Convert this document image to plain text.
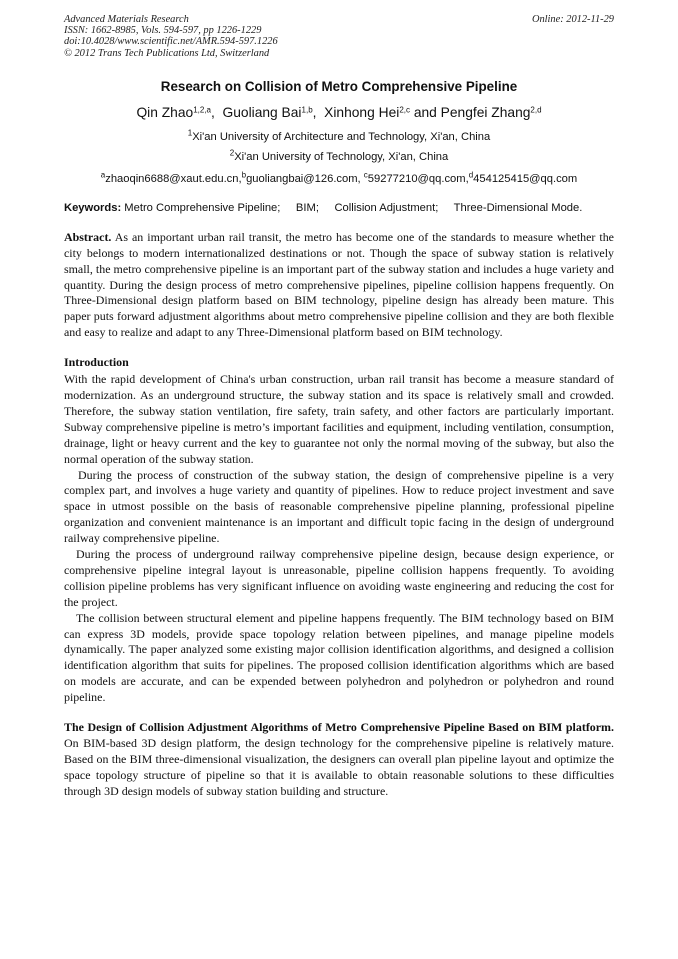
Advanced Materials Research
ISSN: 1662-8985, Vols. 594-597, pp 1226-1229
doi:10.4028/www.scientific.net/AMR.594-597.1226
© 2012 Trans Tech Publications Ltd, Switzerland
Online: 2012-11-29
Research on Collision of Metro Comprehensive Pipeline
Qin Zhao$^{1,2,a}$,  Guoliang Bai$^{1,b}$,  Xinhong Hei$^{2,c}$ and Pengfei Zhang$^{2,d}$
$^1$Xi'an University of Architecture and Technology, Xi'an, China
$^2$Xi'an University of Technology, Xi'an, China
$^a$zhaoqin6688@xaut.edu.cn,$^b$guoliangbai@126.com, $^c$59277210@qq.com,$^d$454125415@qq.com
Keywords: Metro Comprehensive Pipeline;     BIM;     Collision Adjustment;     Three-Dimensional Mode.

Abstract. As an important urban rail transit, the metro has become one of the standards to measure whether the city belongs to modern internationalized destinations or not. Though the space of subway station is relatively small, the metro comprehensive pipeline is an important part of the subway station and includes a huge variety and quantity. During the design process of metro comprehensive pipelines, pipeline collision happens frequently. On Three-Dimensional design platform based on BIM technology, pipeline design has already been mature. This paper puts forward adjustment algorithms about metro comprehensive pipeline collision and they are both flexible and easy to realize and adapt to any Three-Dimensional platform based on BIM technology.

Introduction

With the rapid development of China's urban construction, urban rail transit has become a measure standard of modernization. As an underground structure, the subway station and its space is relatively small and crowded. Therefore, the subway station ventilation, fire safety, train safety, and other factors are particularly important. Subway comprehensive pipeline is metro’s important facilities and equipment, including ventilation, consumption, drainage, light or heavy current and the key to guarantee not only the normal moving of the subway, but also the normal operation of the subway station.

During the process of construction of the subway station, the design of comprehensive pipeline is a very complex part, and involves a huge variety and quantity of pipelines. How to reduce project investment and save space in utmost possible on the basis of reasonable comprehensive pipeline planning, professional pipeline organization and convenient maintenance is an important and difficult topic facing in the design of underground railway comprehensive pipeline.

During the process of underground railway comprehensive pipeline design, because design experience, or comprehensive pipeline integral layout is unreasonable, pipeline collision happens frequently. To avoiding collision pipeline problems has very significant influence on avoiding waste engineering and reducing the cost for the project.

The collision between structural element and pipeline happens frequently. The BIM technology based on BIM can express 3D models, provide space topology relation between pipelines, and manage pipeline models dynamically. The paper analyzed some existing major collision identification algorithms, and designed a collision identification algorithm that suits for pipelines. The proposed collision identification algorithms which are based on models are accurate, and can be expended between polyhedron and polyhedron or polyhedron and round pipeline.

The Design of Collision Adjustment Algorithms of Metro Comprehensive Pipeline Based on BIM platform. On BIM-based 3D design platform, the design technology for the comprehensive pipeline is relatively mature. Based on the BIM three-dimensional visualization, the designers can overall plan pipeline layout and optimize the space topology structure of pipeline so that it is available to obtain reasonable solutions to these difficulties through 3D design models of subway station building and structure.
